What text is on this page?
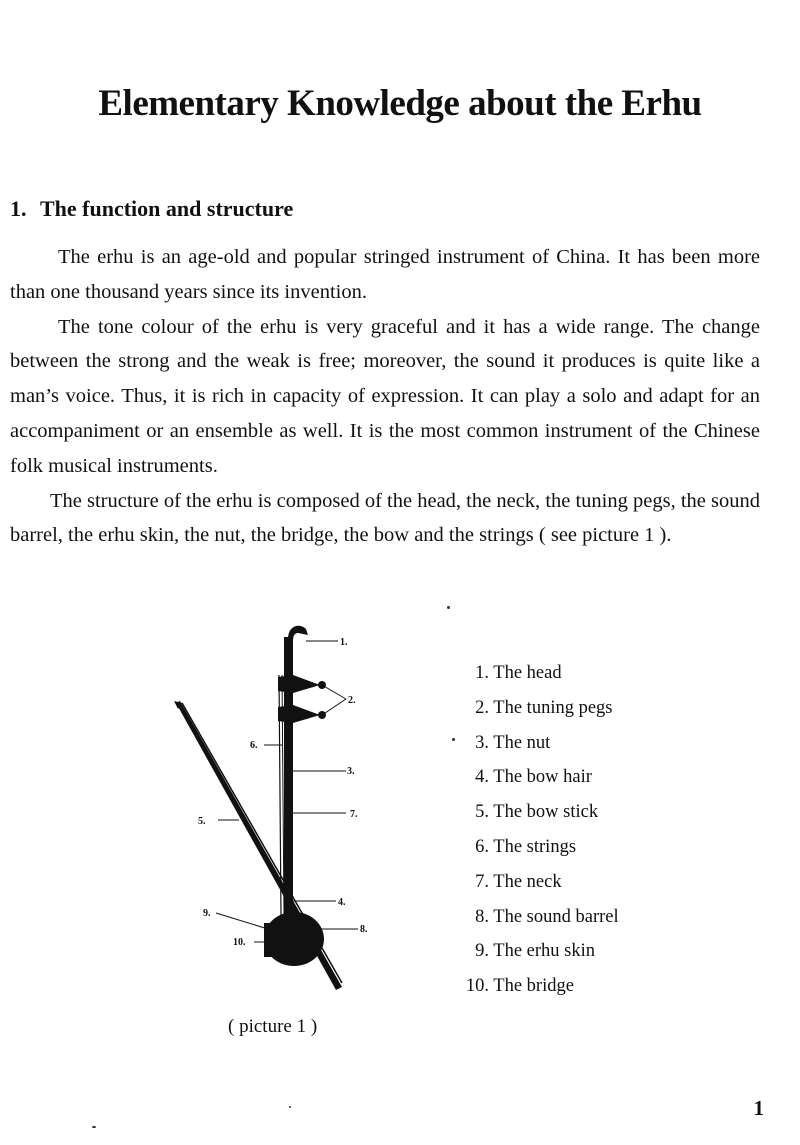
Elementary Knowledge about the Erhu
1. The function and structure

The erhu is an age-old and popular stringed instrument of China. It has been more than one thousand years since its invention.

The tone colour of the erhu is very graceful and it has a wide range. The change between the strong and the weak is free; moreover, the sound it produces is quite like a man’s voice. Thus, it is rich in capacity of expression. It can play a solo and adapt for an accompaniment or an ensemble as well. It is the most common instrument of the Chinese folk musical instruments.

The structure of the erhu is composed of the head, the neck, the tuning pegs, the sound barrel, the erhu skin, the nut, the bridge, the bow and the strings ( see picture 1 ).

1.
2.
3.
4.
5.
6.
7.
8.
9.
10.
1. The head
2. The tuning pegs
3. The nut
4. The bow hair
5. The bow stick
6. The strings
7. The neck
8. The sound barrel
9. The erhu skin
10. The bridge
( picture 1 )
1
